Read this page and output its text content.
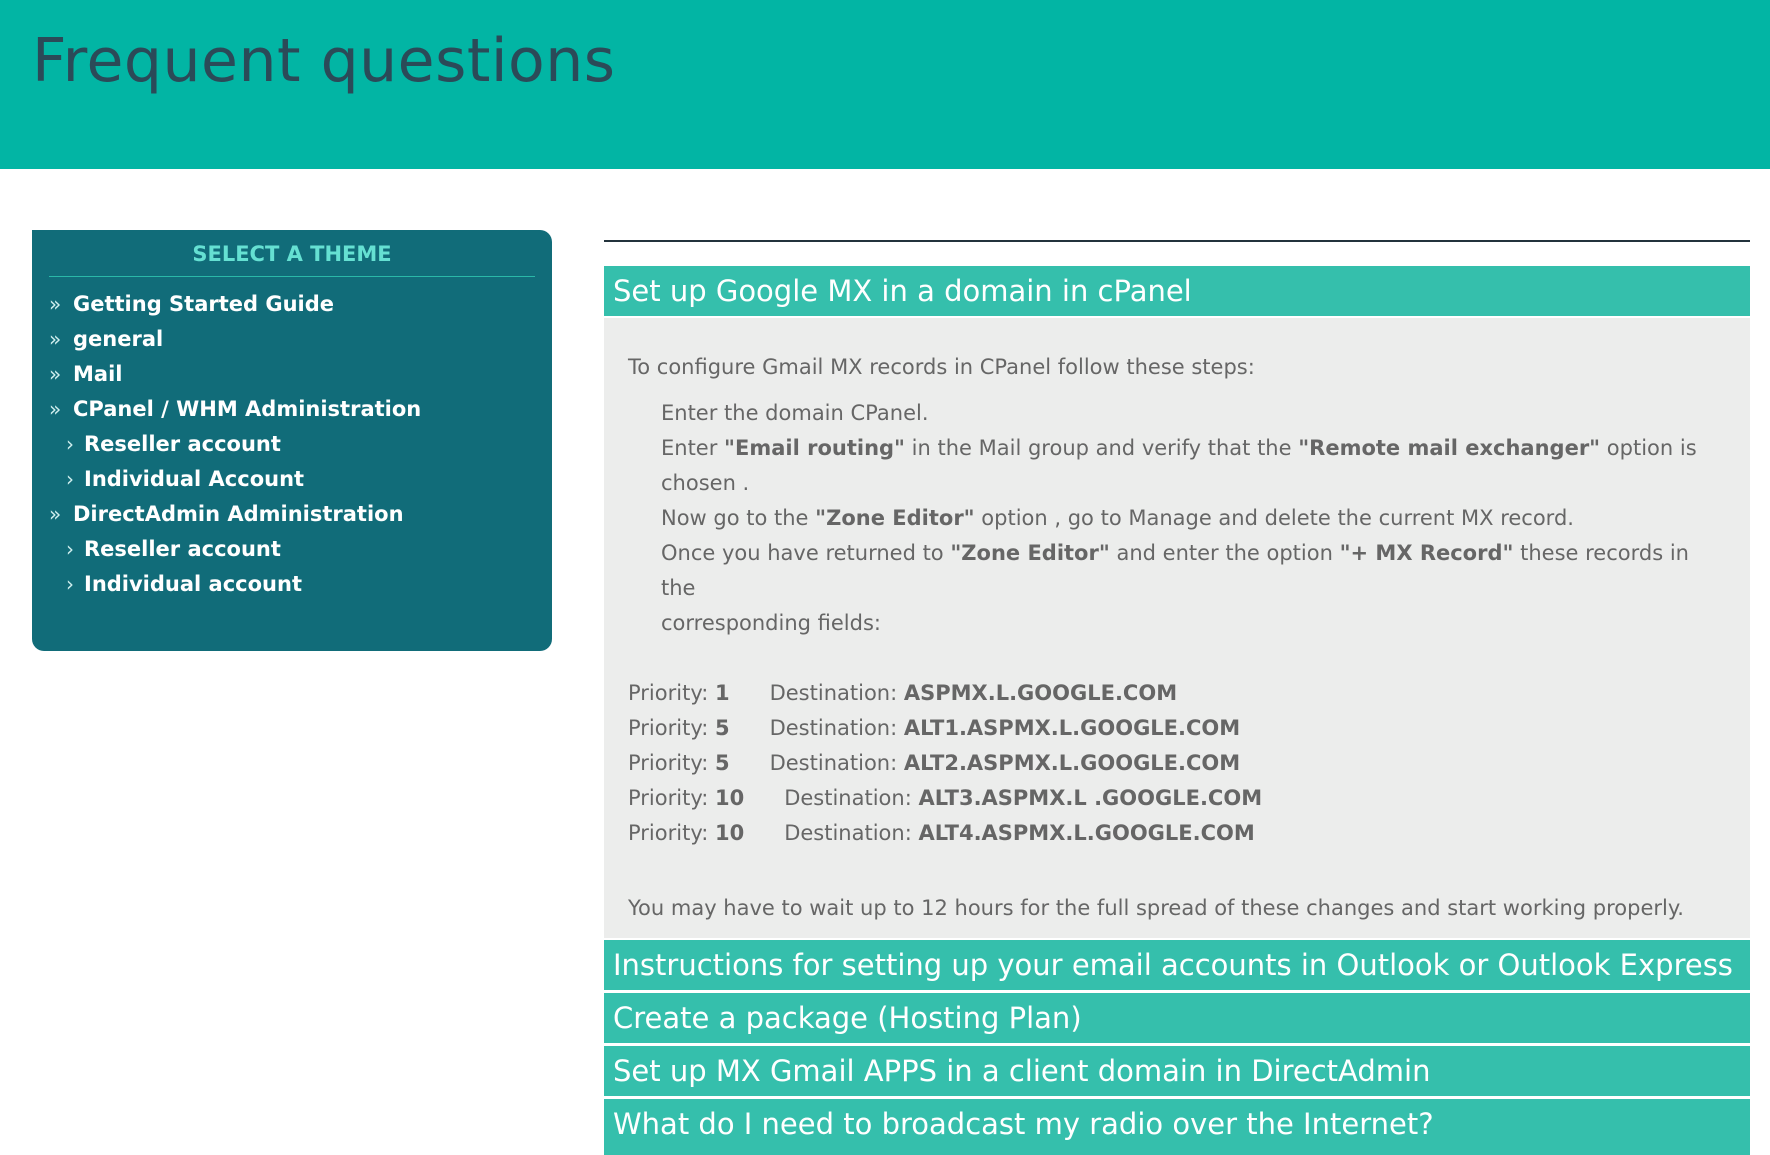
Frequent questions
SELECT A THEME
» Getting Started Guide
» general
» Mail
» CPanel / WHM Administration
› Reseller account
› Individual Account
» DirectAdmin Administration
› Reseller account
› Individual account
Set up Google MX in a domain in cPanel
To configure Gmail MX records in CPanel follow these steps:
Enter the domain CPanel.
Enter "Email routing" in the Mail group and verify that the "Remote mail exchanger" option is chosen .
Now go to the "Zone Editor" option , go to Manage and delete the current MX record.
Once you have returned to "Zone Editor" and enter the option "+ MX Record" these records in the
corresponding fields:
Priority: 1 Destination: ASPMX.L.GOOGLE.COM
Priority: 5 Destination: ALT1.ASPMX.L.GOOGLE.COM
Priority: 5 Destination: ALT2.ASPMX.L.GOOGLE.COM
Priority: 10 Destination: ALT3.ASPMX.L .GOOGLE.COM
Priority: 10 Destination: ALT4.ASPMX.L.GOOGLE.COM
You may have to wait up to 12 hours for the full spread of these changes and start working properly.
Instructions for setting up your email accounts in Outlook or Outlook Express
Create a package (Hosting Plan)
Set up MX Gmail APPS in a client domain in DirectAdmin
What do I need to broadcast my radio over the Internet?
